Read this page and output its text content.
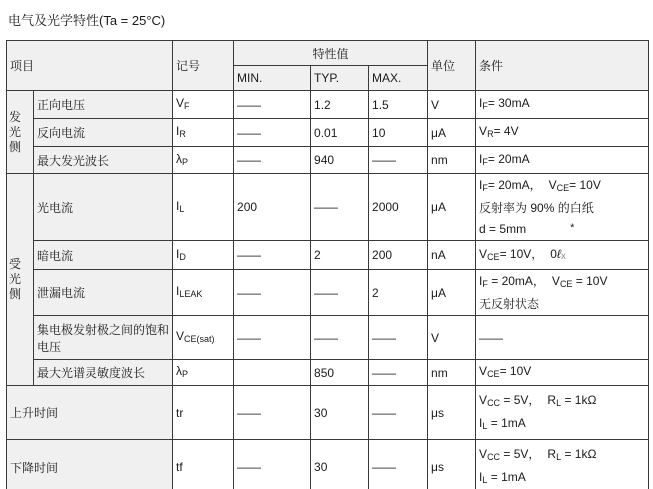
电气及光学特性(Ta = 25°C)
项目		记号	特性值			单位	条件
			MIN.	TYP.	MAX.		
发光侧	正向电压	$V_F$	——	1.2	1.5	V	$I_F= 30mA$

	反向电流	$I_R$	——	0.01	10	μA	$V_R= 4V$

	最大发光波长	$\lambda_P$	——	940	——	nm	$I_F= 20mA$

受光侧	光电流	$I_L$	200	——	2000	μA	$I_F= 20mA$， $V_{CE}= 10V$
反射率为 90% 的白纸
d = 5mm *

	暗电流	$I_D$	——	2	200	nA	$V_{CE}= 10V$， 0ℓx

	泄漏电流	$I_{LEAK}$	——	——	2	μA	$I_F = 20mA$， $V_{CE} = 10V$
无反射状态

	集电极发射极之间的饱和电压	$V_{CE(sat)}$	——	——	——	V	——

	最大光谱灵敏度波长	$\lambda_P$		850	——	nm	$V_{CE}= 10V$

上升时间		tr	——	30	——	μs	$V_{CC} = 5V$， $R_L = 1k\Omega$
$I_L = 1mA$

下降时间		tf	——	30	——	μs	$V_{CC} = 5V$， $R_L = 1k\Omega$
$I_L = 1mA$
